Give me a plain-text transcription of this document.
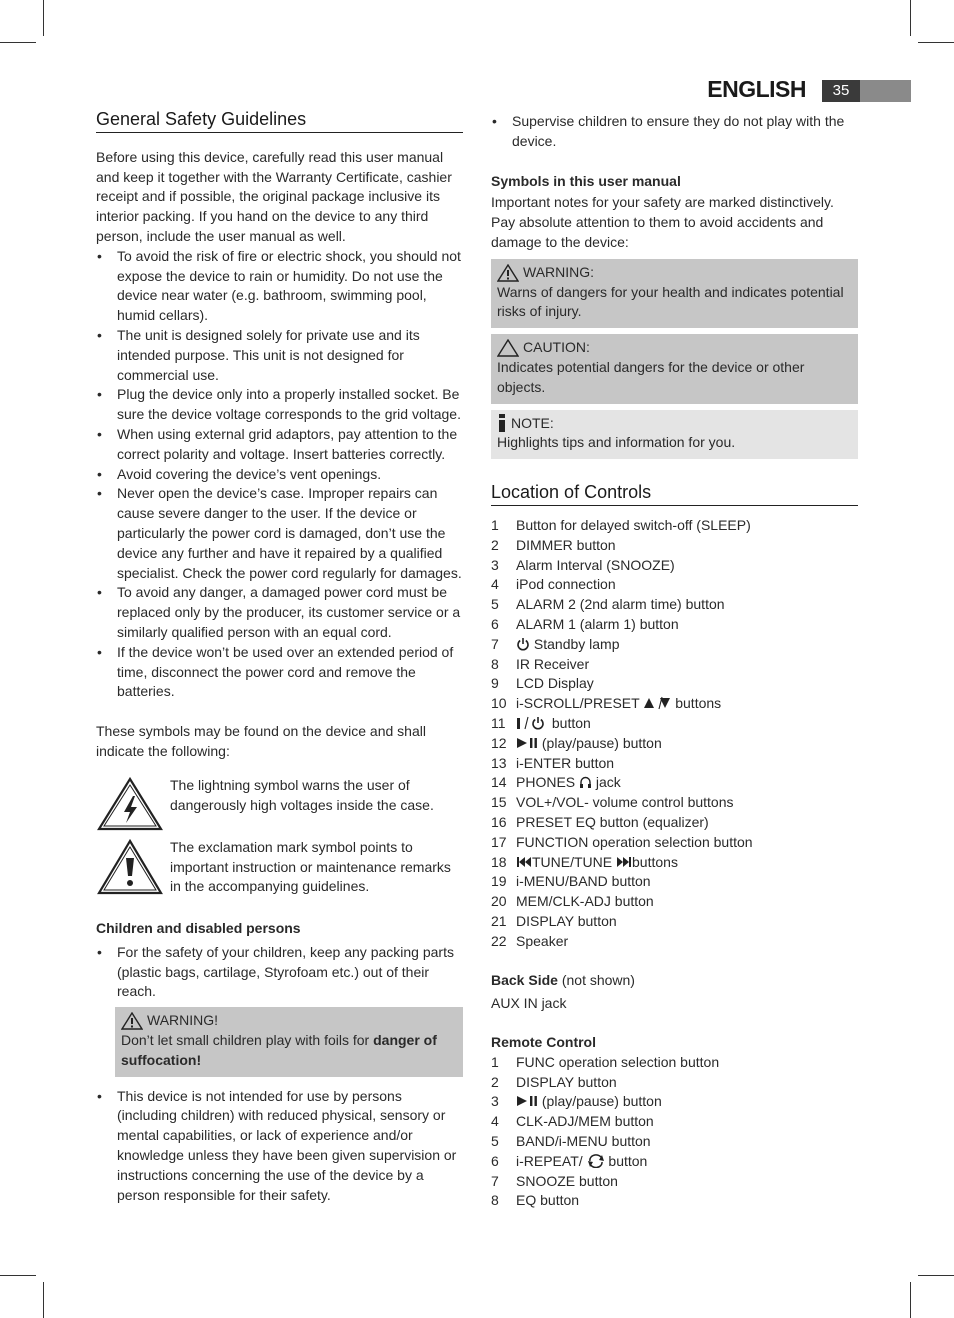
ENGLISH	35
General Safety Guidelines

Before using this device, carefully read this user manual and keep it together with the Warranty Certificate, cashier receipt and if possible, the original package inclusive its interior packing. If you hand on the device to any third person, include the user manual as well.

• To avoid the risk of fire or electric shock, you should not expose the device to rain or humidity. Do not use the device near water (e.g. bathroom, swimming pool, humid cellars).
• The unit is designed solely for private use and its intended purpose. This unit is not designed for commercial use.
• Plug the device only into a properly installed socket. Be sure the device voltage corresponds to the grid voltage.
• When using external grid adaptors, pay attention to the correct polarity and voltage. Insert batteries correctly.
• Avoid covering the device’s vent openings.
• Never open the device’s case. Improper repairs can cause severe danger to the user. If the device or particularly the power cord is damaged, don’t use the device any further and have it repaired by a qualified specialist. Check the power cord regularly for damages.
• To avoid any danger, a damaged power cord must be replaced only by the producer, its customer service or a similarly qualified person with an equal cord.
• If the device won’t be used over an extended period of time, disconnect the power cord and remove the batteries.

These symbols may be found on the device and shall indicate the following:

The lightning symbol warns the user of dangerously high voltages inside the case.

The exclamation mark symbol points to important instruction or maintenance remarks in the accompanying guidelines.

Children and disabled persons

• For the safety of your children, keep any packing parts (plastic bags, cartilage, Styrofoam etc.) out of their reach.
WARNING!

Don’t let small children play with foils for danger of suffocation!

• This device is not intended for use by persons (including children) with reduced physical, sensory or mental capabilities, or lack of experience and/or knowledge unless they have been given supervision or instructions concerning the use of the device by a person responsible for their safety.
• Supervise children to ensure they do not play with the device.

Symbols in this user manual

Important notes for your safety are marked distinctively. Pay absolute attention to them to avoid accidents and damage to the device:

WARNING:

Warns of dangers for your health and indicates potential risks of injury.

CAUTION:

Indicates potential dangers for the device or other objects.

NOTE:

Highlights tips and information for you.

Location of Controls
1	Button for delayed switch-off (SLEEP)
2	DIMMER button
3	Alarm Interval (SNOOZE)
4	iPod connection
5	ALARM 2 (2nd alarm time) button
6	ALARM 1 (alarm 1) button
7	Standby lamp
8	IR Receiver
9	LCD Display
10 i-SCROLL/PRESET	buttons
11	button
12	(play/pause) button
13 i-ENTER button
14 PHONES jack
15 VOL+/VOL- volume control buttons
16 PRESET EQ button (equalizer)
17 FUNCTION operation selection button
18	TUNE/TUNE buttons
19 i-MENU/BAND button
20 MEM/CLK-ADJ button
21 DISPLAY button
22 Speaker

Back Side (not shown)

AUX IN jack

Remote Control

1	FUNC operation selection button
2	DISPLAY button
3	(play/pause) button
4	CLK-ADJ/MEM button
5	BAND/i-MENU button
6	i-REPEAT/ button
7	SNOOZE button
8	EQ button
